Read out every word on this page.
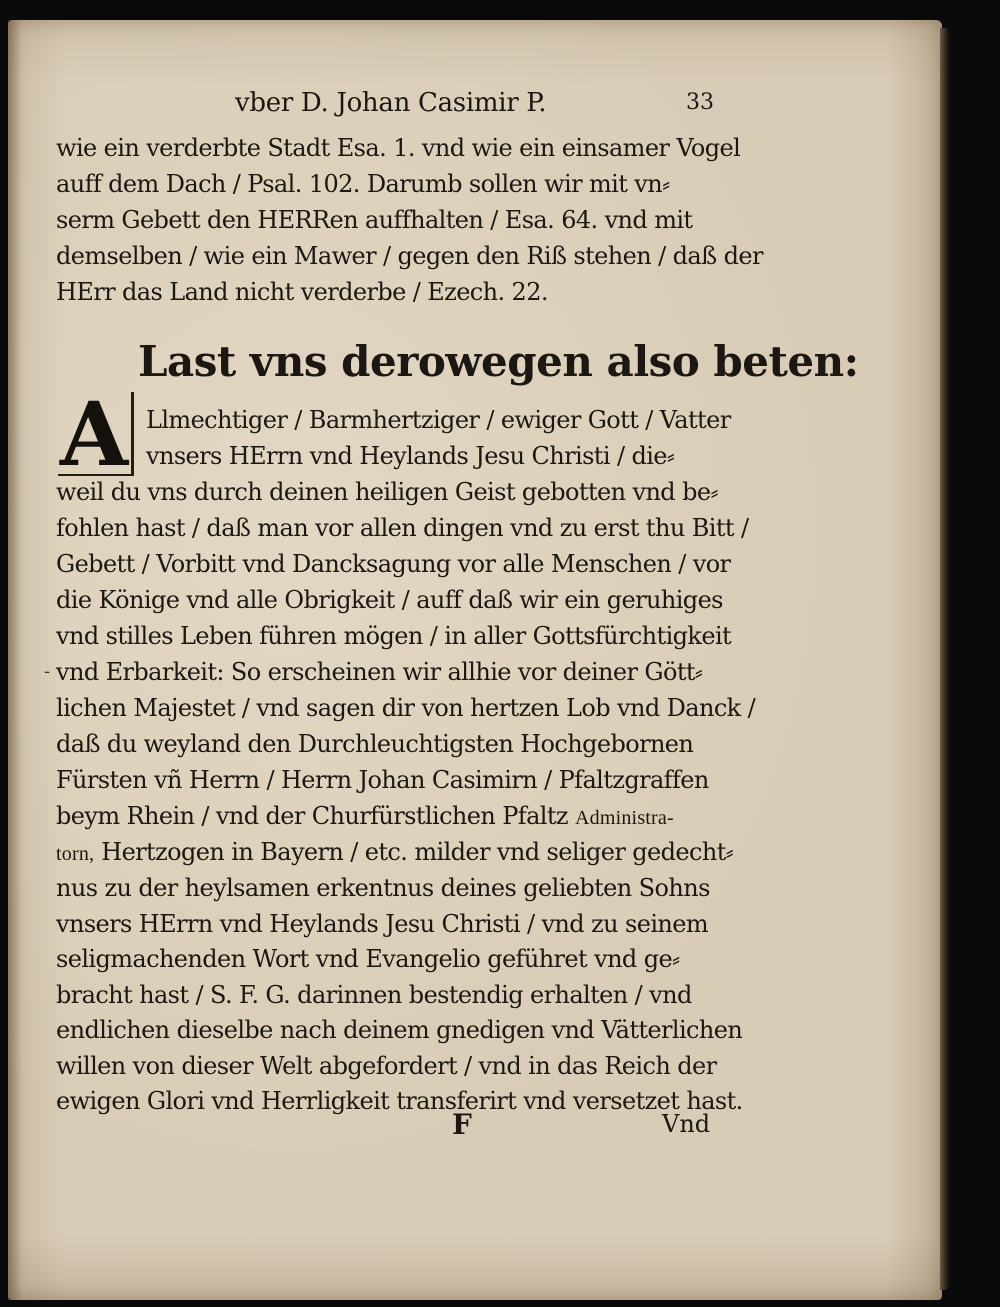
vber D. Johan Casimir P.	33
wie ein verderbte Stadt Esa. 1. vnd wie ein einsamer Vogel
auff dem Dach / Psal. 102. Darumb sollen wir mit vn⸗
serm Gebett den HERRen auffhalten / Esa. 64. vnd mit
demselben / wie ein Mawer / gegen den Riß stehen / daß der
HErr das Land nicht verderbe / Ezech. 22.
Last vns derowegen also beten:
A Llmechtiger / Barmhertziger / ewiger Gott / Vatter
vnsers HErrn vnd Heylands Jesu Christi / die⸗
weil du vns durch deinen heiligen Geist gebotten vnd be⸗
fohlen hast / daß man vor allen dingen vnd zu erst thu Bitt /
Gebett / Vorbitt vnd Dancksagung vor alle Menschen / vor
die Könige vnd alle Obrigkeit / auff daß wir ein geruhiges
vnd stilles Leben führen mögen / in aller Gottsfürchtigkeit
vnd Erbarkeit: So erscheinen wir allhie vor deiner Gött⸗
lichen Majestet / vnd sagen dir von hertzen Lob vnd Danck /
daß du weyland den Durchleuchtigsten Hochgebornen
Fürsten vñ Herrn / Herrn Johan Casimirn / Pfaltzgraffen
beym Rhein / vnd der Churfürstlichen Pfaltz Administra-
torn, Hertzogen in Bayern / etc. milder vnd seliger gedecht⸗
nus zu der heylsamen erkentnus deines geliebten Sohns
vnsers HErrn vnd Heylands Jesu Christi / vnd zu seinem
seligmachenden Wort vnd Evangelio geführet vnd ge⸗
bracht hast / S. F. G. darinnen bestendig erhalten / vnd
endlichen dieselbe nach deinem gnedigen vnd Vätterlichen
willen von dieser Welt abgefordert / vnd in das Reich der
ewigen Glori vnd Herrligkeit transferirt vnd versetzet hast.
-
F	Vnd
